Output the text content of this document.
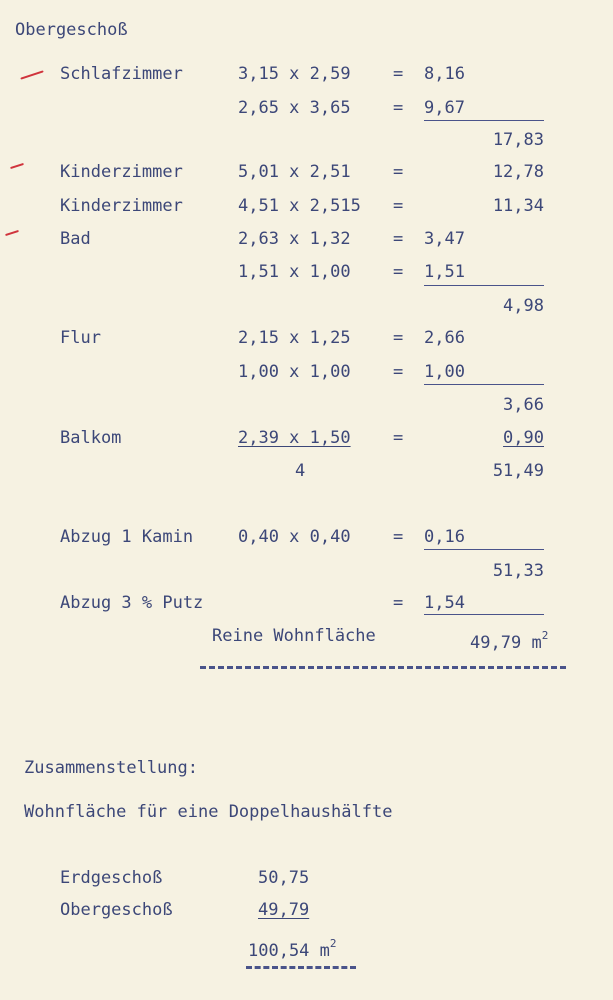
Obergeschoß
Schlafzimmer	3,15 x 2,59 = 8,16
2,65 x 3,65 = 9,67
17,83
Kinderzimmer	5,01 x 2,51 =	12,78
Kinderzimmer	4,51 x 2,515 =	11,34
Bad	2,63 x 1,32 = 3,47
1,51 x 1,00 = 1,51
4,98
Flur	2,15 x 1,25 = 2,66
1,00 x 1,00 = 1,00
3,66
Balkom	2,39 x 1,50 =	0,90
4	51,49
Abzug 1 Kamin	0,40 x 0,40 = 0,16
51,33
Abzug 3 % Putz	= 1,54
Reine Wohnfläche	49,79 $m^2$
Zusammenstellung:
Wohnfläche für eine Doppelhaushälfte
Erdgeschoß	50,75
Obergeschoß	49,79
100,54 $m^2$
